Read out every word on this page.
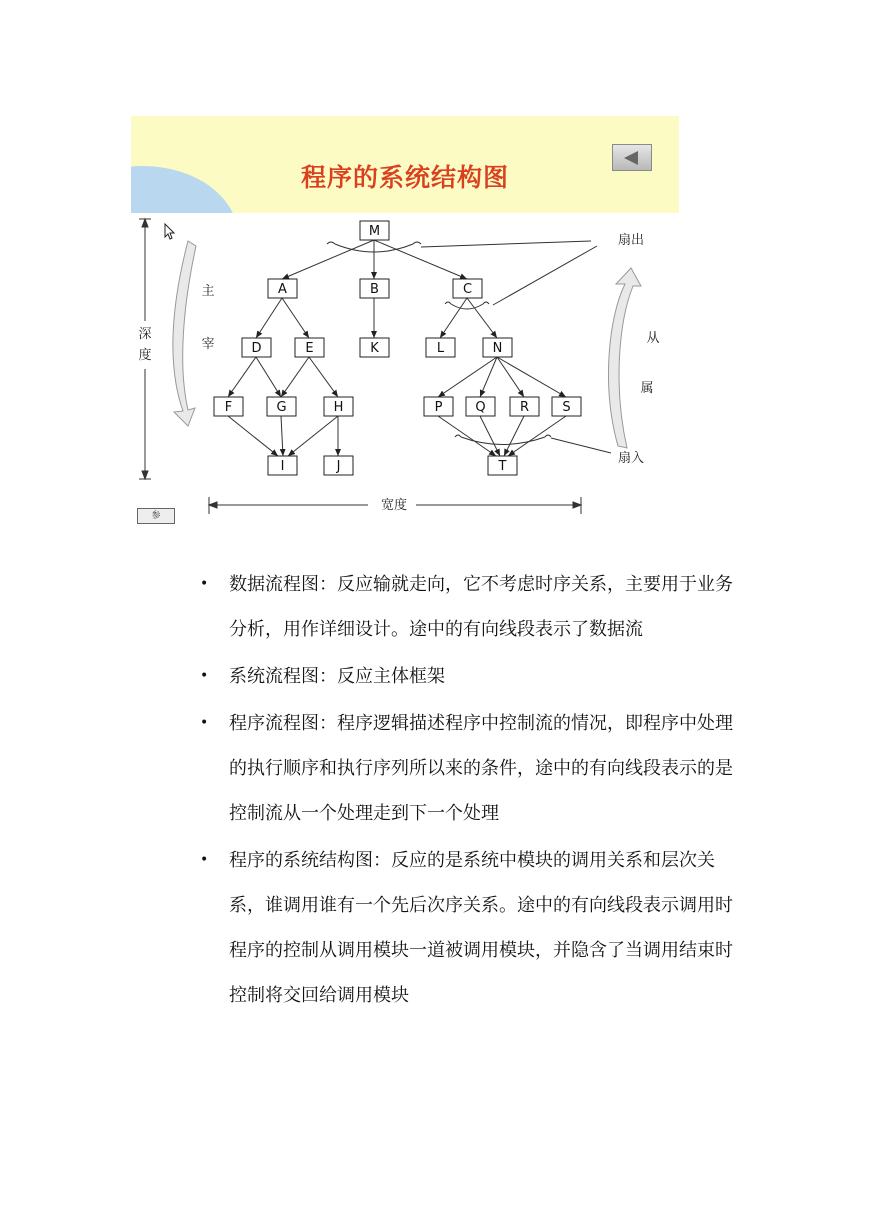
程序的系统结构图
M
A	B	C
D	E	K	L	N
F	G	H	P	Q	R	S
I	J	T
深
度
宽度
主
宰	从
属
扇出
扇入
参
• 数据流程图：反应输就走向，它不考虑时序关系，主要用于业务分析，用作详细设计。途中的有向线段表示了数据流
• 系统流程图：反应主体框架
• 程序流程图：程序逻辑描述程序中控制流的情况，即程序中处理的执行顺序和执行序列所以来的条件，途中的有向线段表示的是控制流从一个处理走到下一个处理
• 程序的系统结构图：反应的是系统中模块的调用关系和层次关系，谁调用谁有一个先后次序关系。途中的有向线段表示调用时程序的控制从调用模块一道被调用模块，并隐含了当调用结束时控制将交回给调用模块
